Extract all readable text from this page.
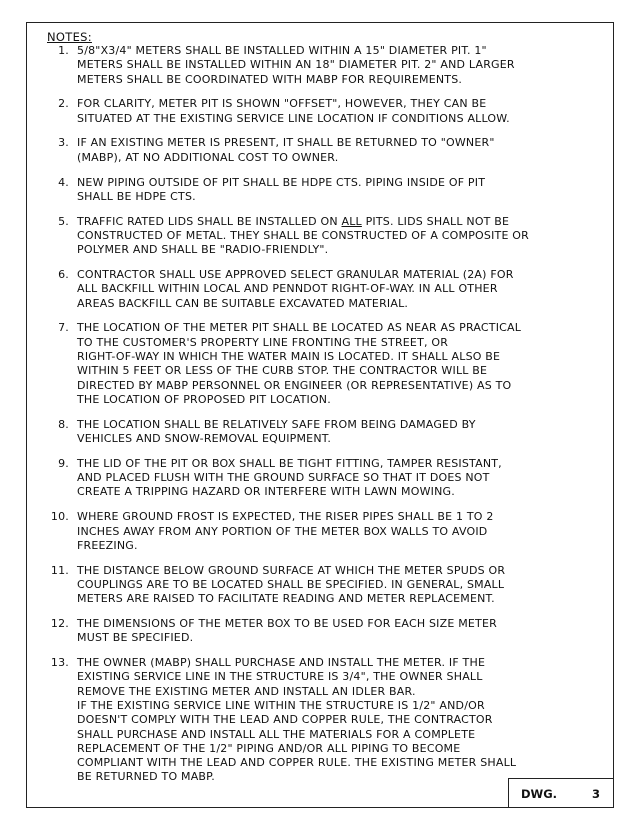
NOTES:
1. 5/8"X3/4" METERS SHALL BE INSTALLED WITHIN A 15" DIAMETER PIT. 1"
METERS SHALL BE INSTALLED WITHIN AN 18" DIAMETER PIT. 2" AND LARGER
METERS SHALL BE COORDINATED WITH MABP FOR REQUIREMENTS.
2. FOR CLARITY, METER PIT IS SHOWN "OFFSET", HOWEVER, THEY CAN BE
SITUATED AT THE EXISTING SERVICE LINE LOCATION IF CONDITIONS ALLOW.
3. IF AN EXISTING METER IS PRESENT, IT SHALL BE RETURNED TO "OWNER"
(MABP), AT NO ADDITIONAL COST TO OWNER.
4. NEW PIPING OUTSIDE OF PIT SHALL BE HDPE CTS. PIPING INSIDE OF PIT
SHALL BE HDPE CTS.
5. TRAFFIC RATED LIDS SHALL BE INSTALLED ON ALL PITS. LIDS SHALL NOT BE
CONSTRUCTED OF METAL. THEY SHALL BE CONSTRUCTED OF A COMPOSITE OR
POLYMER AND SHALL BE "RADIO-FRIENDLY".
6. CONTRACTOR SHALL USE APPROVED SELECT GRANULAR MATERIAL (2A) FOR
ALL BACKFILL WITHIN LOCAL AND PENNDOT RIGHT-OF-WAY. IN ALL OTHER
AREAS BACKFILL CAN BE SUITABLE EXCAVATED MATERIAL.
7. THE LOCATION OF THE METER PIT SHALL BE LOCATED AS NEAR AS PRACTICAL
TO THE CUSTOMER'S PROPERTY LINE FRONTING THE STREET, OR
RIGHT-OF-WAY IN WHICH THE WATER MAIN IS LOCATED. IT SHALL ALSO BE
WITHIN 5 FEET OR LESS OF THE CURB STOP. THE CONTRACTOR WILL BE
DIRECTED BY MABP PERSONNEL OR ENGINEER (OR REPRESENTATIVE) AS TO
THE LOCATION OF PROPOSED PIT LOCATION.
8. THE LOCATION SHALL BE RELATIVELY SAFE FROM BEING DAMAGED BY
VEHICLES AND SNOW-REMOVAL EQUIPMENT.
9. THE LID OF THE PIT OR BOX SHALL BE TIGHT FITTING, TAMPER RESISTANT,
AND PLACED FLUSH WITH THE GROUND SURFACE SO THAT IT DOES NOT
CREATE A TRIPPING HAZARD OR INTERFERE WITH LAWN MOWING.
10. WHERE GROUND FROST IS EXPECTED, THE RISER PIPES SHALL BE 1 TO 2
INCHES AWAY FROM ANY PORTION OF THE METER BOX WALLS TO AVOID
FREEZING.
11. THE DISTANCE BELOW GROUND SURFACE AT WHICH THE METER SPUDS OR
COUPLINGS ARE TO BE LOCATED SHALL BE SPECIFIED. IN GENERAL, SMALL
METERS ARE RAISED TO FACILITATE READING AND METER REPLACEMENT.
12. THE DIMENSIONS OF THE METER BOX TO BE USED FOR EACH SIZE METER
MUST BE SPECIFIED.
13. THE OWNER (MABP) SHALL PURCHASE AND INSTALL THE METER. IF THE
EXISTING SERVICE LINE IN THE STRUCTURE IS 3/4", THE OWNER SHALL
REMOVE THE EXISTING METER AND INSTALL AN IDLER BAR.
IF THE EXISTING SERVICE LINE WITHIN THE STRUCTURE IS 1/2" AND/OR
DOESN'T COMPLY WITH THE LEAD AND COPPER RULE, THE CONTRACTOR
SHALL PURCHASE AND INSTALL ALL THE MATERIALS FOR A COMPLETE
REPLACEMENT OF THE 1/2" PIPING AND/OR ALL PIPING TO BECOME
COMPLIANT WITH THE LEAD AND COPPER RULE. THE EXISTING METER SHALL
BE RETURNED TO MABP.
DWG.	3
